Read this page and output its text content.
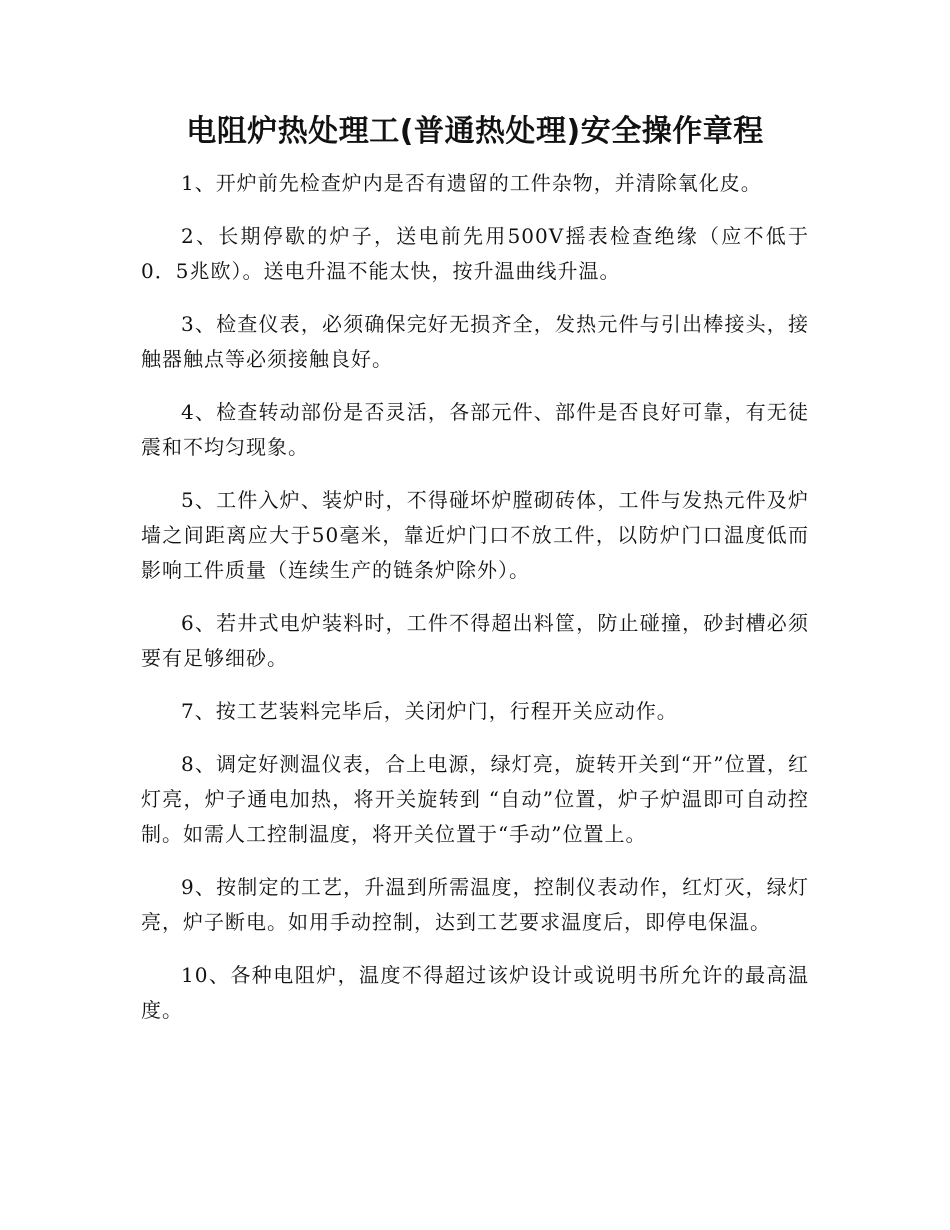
电阻炉热处理工(普通热处理)安全操作章程

1、开炉前先检查炉内是否有遗留的工件杂物，并清除氧化皮。

2、长期停歇的炉子，送电前先用500V摇表检查绝缘（应不低于0．5兆欧）。送电升温不能太快，按升温曲线升温。

3、检查仪表，必须确保完好无损齐全，发热元件与引出棒接头，接触器触点等必须接触良好。

4、检查转动部份是否灵活，各部元件、部件是否良好可靠，有无徒震和不均匀现象。

5、工件入炉、装炉时，不得碰坏炉膛砌砖体，工件与发热元件及炉墙之间距离应大于50毫米，靠近炉门口不放工件，以防炉门口温度低而影响工件质量（连续生产的链条炉除外）。

6、若井式电炉装料时，工件不得超出料筐，防止碰撞，砂封槽必须要有足够细砂。

7、按工艺装料完毕后，关闭炉门，行程开关应动作。

8、调定好测温仪表，合上电源，绿灯亮，旋转开关到“开”位置，红灯亮，炉子通电加热，将开关旋转到 “自动”位置，炉子炉温即可自动控制。如需人工控制温度，将开关位置于“手动”位置上。

9、按制定的工艺，升温到所需温度，控制仪表动作，红灯灭，绿灯亮，炉子断电。如用手动控制，达到工艺要求温度后，即停电保温。

10、各种电阻炉，温度不得超过该炉设计或说明书所允许的最高温度。
